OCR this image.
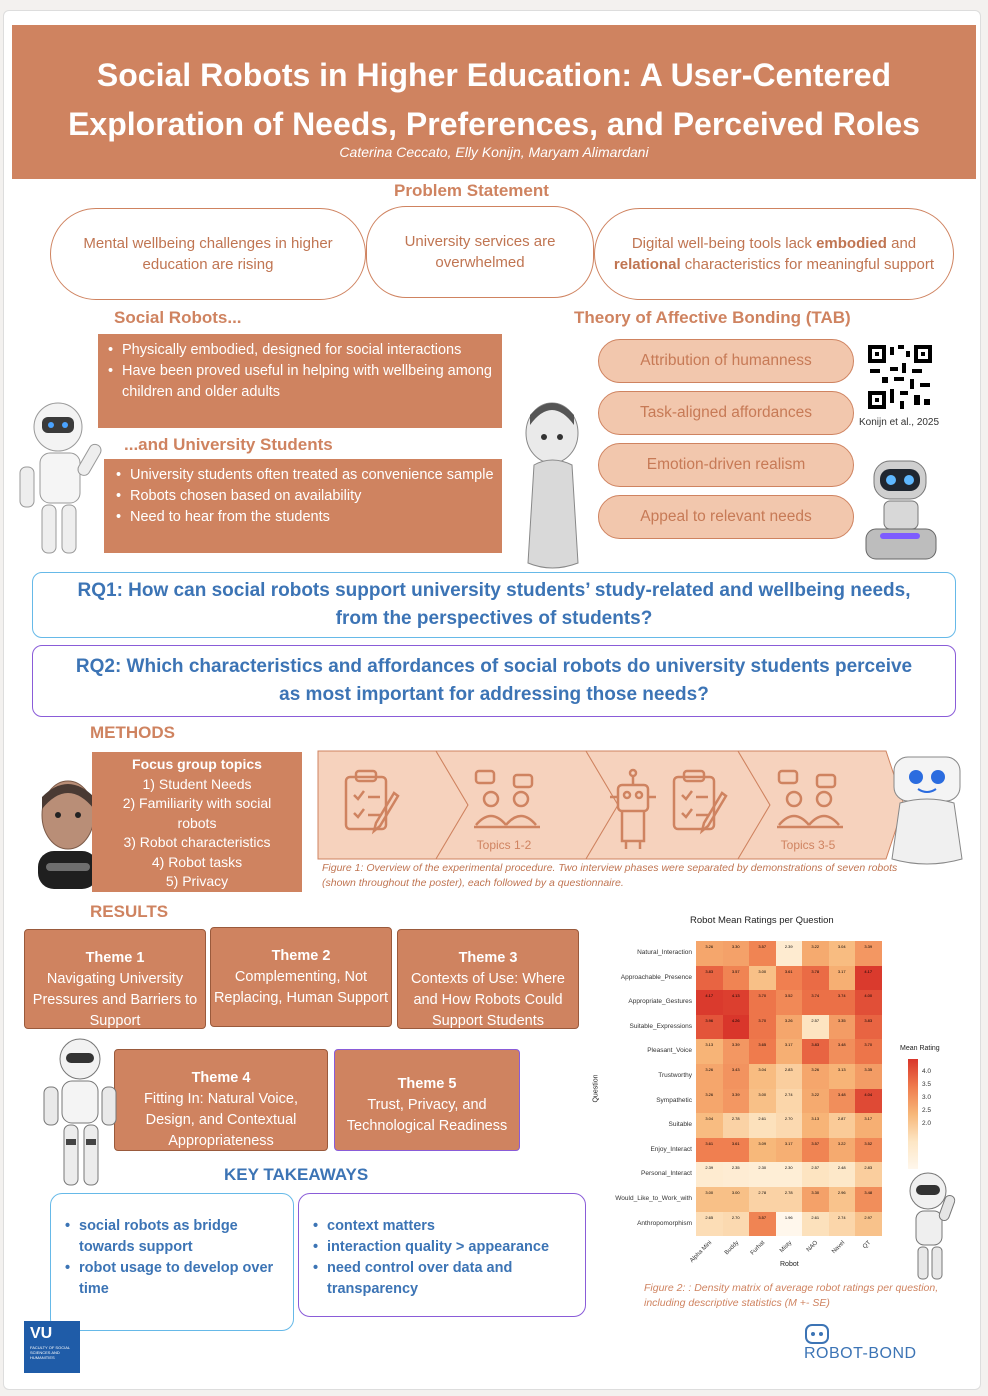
Social Robots in Higher Education: A User-Centered
Exploration of Needs, Preferences, and Perceived Roles
Caterina Ceccato, Elly Konijn, Maryam Alimardani
Problem Statement
Mental wellbeing challenges in higher education are rising
University services are overwhelmed
Digital well-being tools lack embodied and relational characteristics for meaningful support
Social Robots...
• Physically embodied, designed for social interactions
• Have been proved useful in helping with wellbeing among children and older adults
...and University Students
• University students often treated as convenience sample
• Robots chosen based on availability
• Need to hear from the students
Theory of Affective Bonding (TAB)
Attribution of humanness
Task-aligned affordances
Emotion-driven realism
Appeal to relevant needs
Konijn et al., 2025
RQ1: How can social robots support university students’ study-related and wellbeing needs, from the perspectives of students?
RQ2: Which characteristics and affordances of social robots do university students perceive as most important for addressing those needs?
METHODS
Focus group topics
1) Student Needs
2) Familiarity with social robots
3) Robot characteristics
4) Robot tasks
5) Privacy
Topics 1-2	Topics 3-5
Figure 1: Overview of the experimental procedure. Two interview phases were separated by demonstrations of seven robots (shown throughout the poster), each followed by a questionnaire.
RESULTS
Theme 1
Navigating University Pressures and Barriers to Support
Theme 2
Complementing, Not Replacing, Human Support
Theme 3
Contexts of Use: Where and How Robots Could Support Students
Theme 4
Fitting In: Natural Voice, Design, and Contextual Appropriateness
Theme 5
Trust, Privacy, and Technological Readiness
KEY TAKEAWAYS
• social robots as bridge towards support
• robot usage to develop over time
• context matters
• interaction quality > appearance
• need control over data and transparency
Robot Mean Ratings per Question
Question
Robot
Mean Rating
Natural_Interaction
3.26	3.30	3.57	2.39	3.22	3.04	3.39
Approachable_Presence
3.83	3.57	3.00	3.61	3.78	3.17	4.17
Appropriate_Gestures
4.17	4.13	3.70	3.52	3.74	3.74	4.00
Suitable_Expressions
3.96	4.26	3.70	3.26	2.57	3.35	3.83
Pleasant_Voice
3.13	3.39	3.65	3.17	3.83	3.48	3.70
Trustworthy
3.26	3.43	3.04	2.83	3.26	3.13	3.35
Sympathetic
3.26	3.39	3.00	2.74	3.22	3.48	4.04
Suitable
3.04	2.78	2.61	2.70	3.13	2.87	3.17
Enjoy_Interact
3.61	3.61	3.09	3.17	3.57	3.22	3.52
Personal_Interact
2.39	2.35	2.30	2.30	2.57	2.48	2.83
Would_Like_to_Work_with
3.00	3.00	2.78	2.78	3.30	2.96	3.48
Anthropomorphism
2.65	2.70	3.57	1.96	2.61	2.74	2.97
Alpha Mini	Buddy	Furhat	Misty	NAO	Navel	QT
4.0
3.5
3.0
2.5
2.0
Figure 2: : Density matrix of average robot ratings per question, including descriptive statistics (M +- SE)
VU
FACULTY OF SOCIAL SCIENCES AND HUMANITIES	ROBOT-BOND
